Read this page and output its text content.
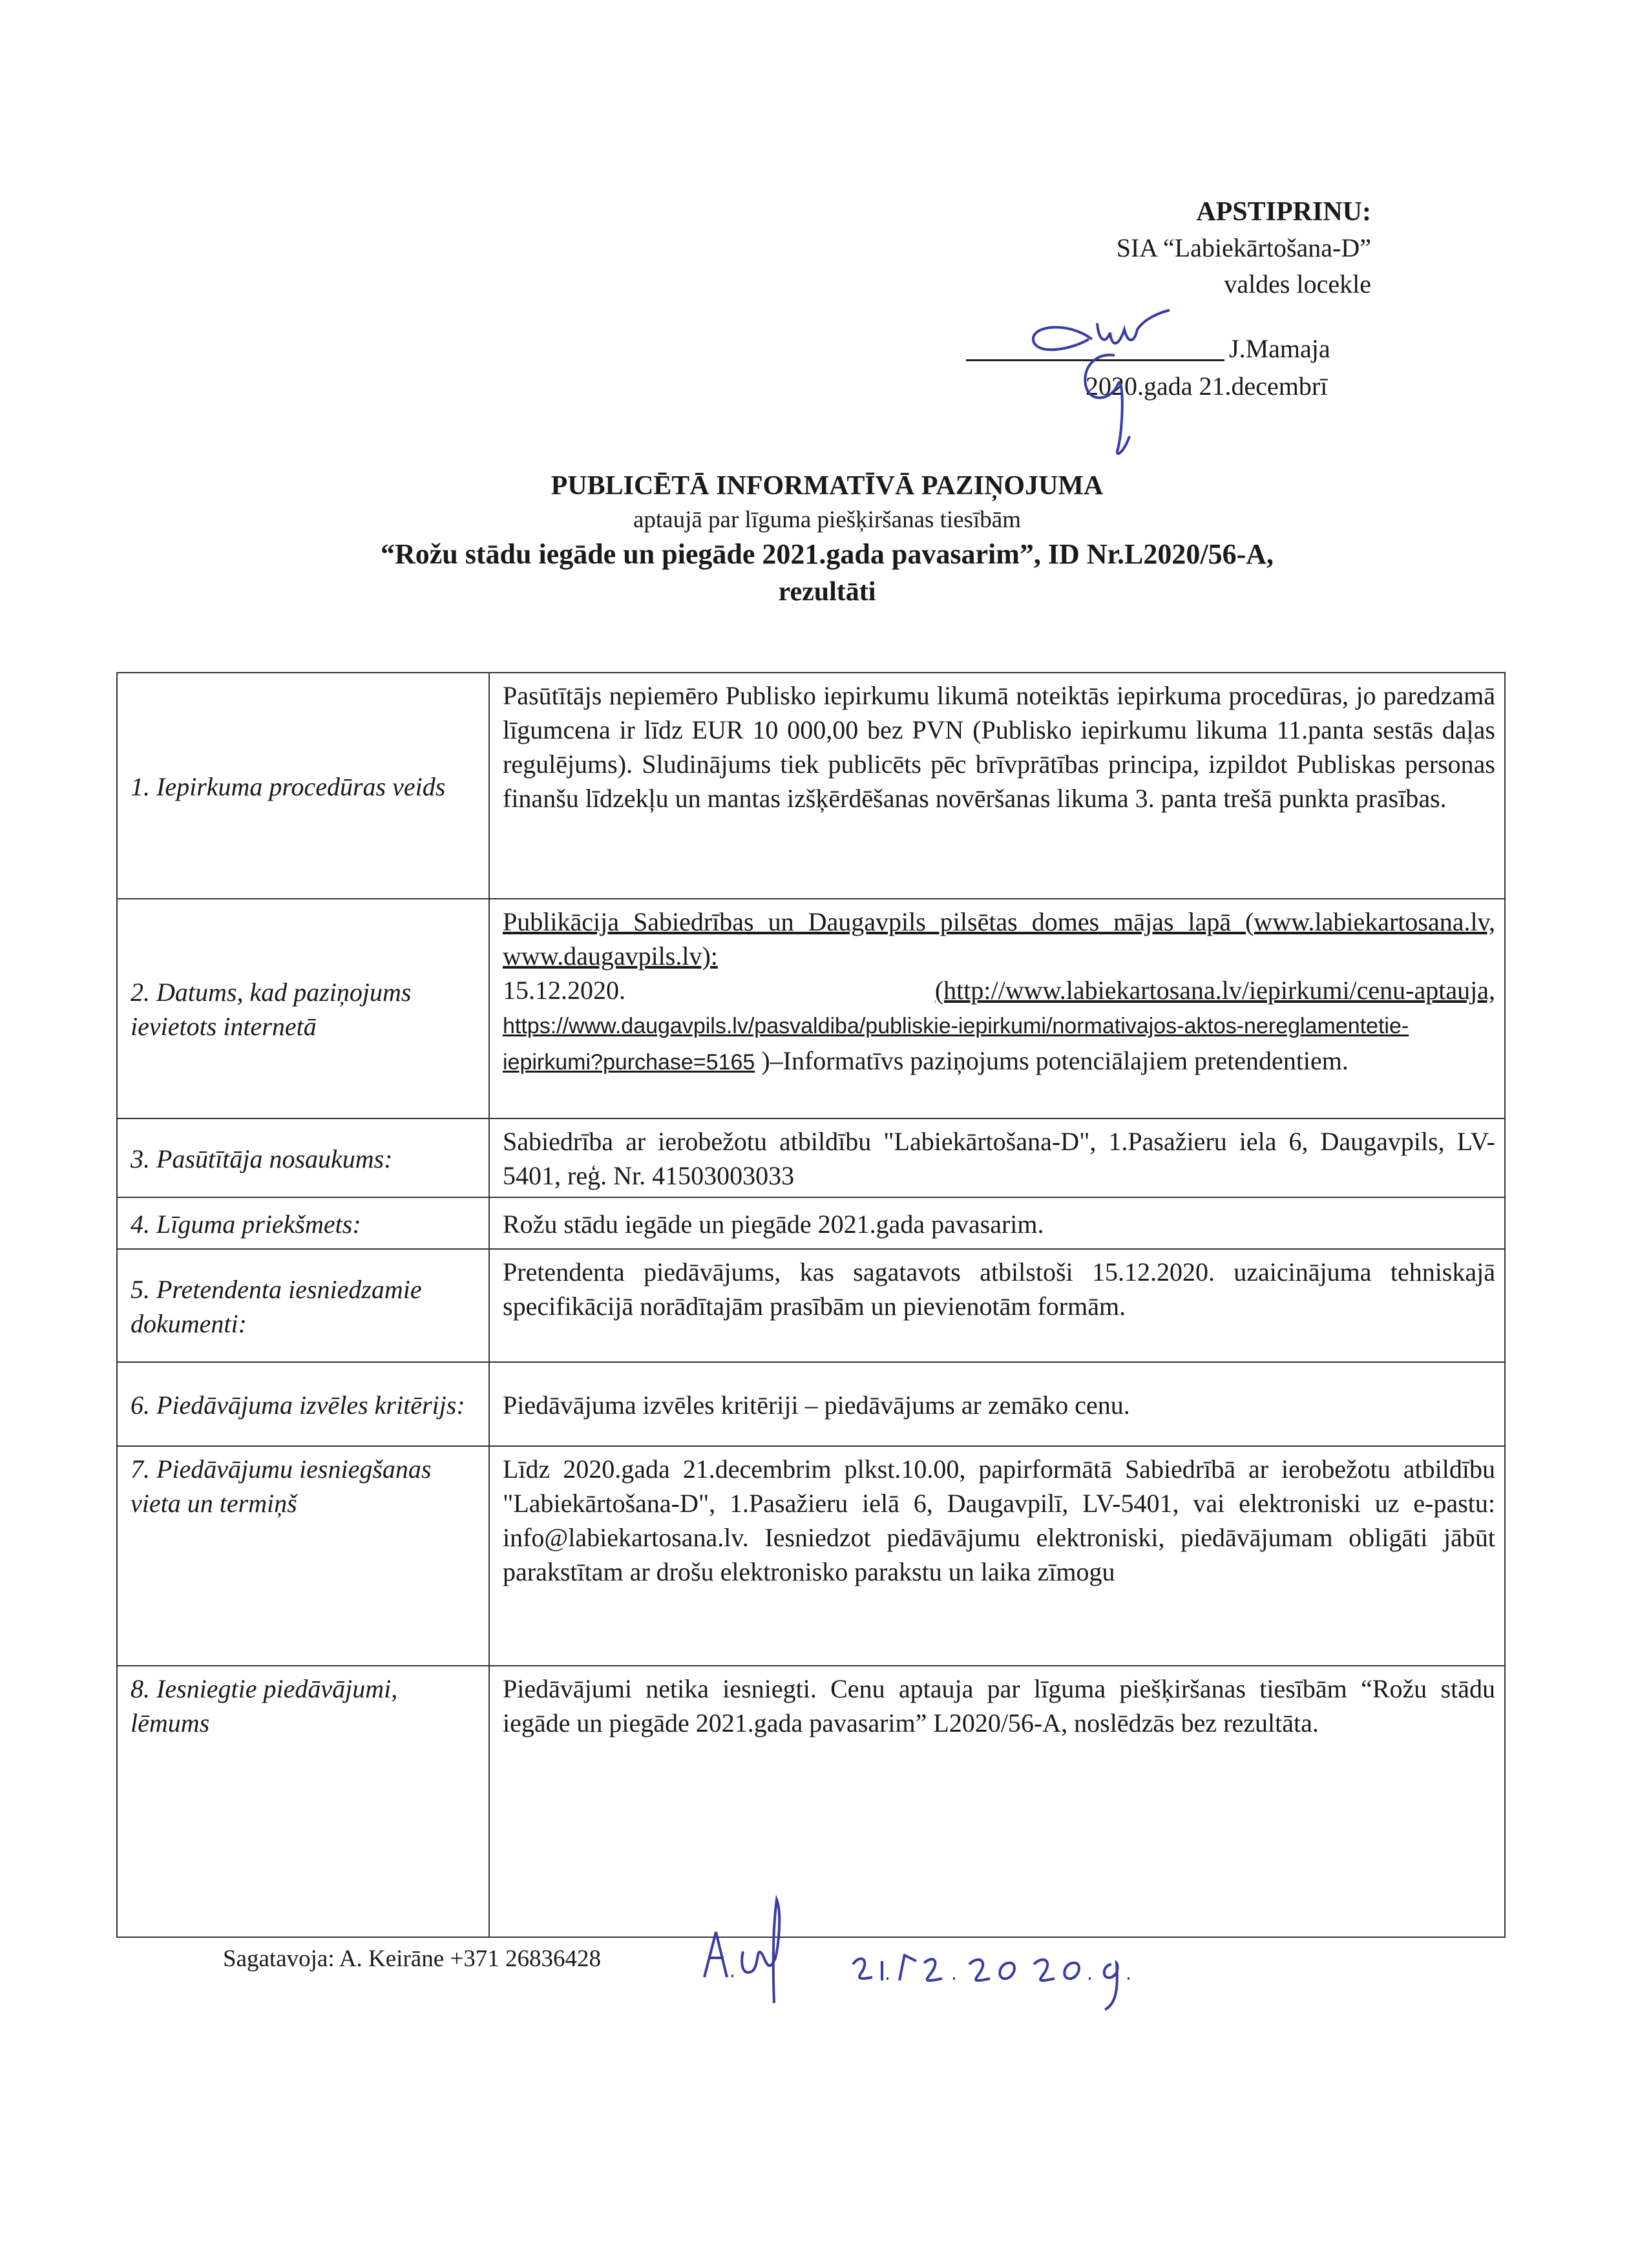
APSTIPRINU:
SIA “Labiekārtošana-D”
valdes locekle
J.Mamaja
2020.gada 21.decembrī
PUBLICĒTĀ INFORMATĪVĀ PAZIŅOJUMA
aptaujā par līguma piešķiršanas tiesībām
“Rožu stādu iegāde un piegāde 2021.gada pavasarim”, ID Nr.L2020/56-A,
rezultāti
1. Iepirkuma procedūras veids	Pasūtītājs nepiemēro Publisko iepirkumu likumā noteiktās iepirkuma procedūras, jo paredzamā līgumcena ir līdz EUR 10 000,00 bez PVN (Publisko iepirkumu likuma 11.panta sestās daļas regulējums). Sludinājums tiek publicēts pēc brīvprātības principa, izpildot Publiskas personas finanšu līdzekļu un mantas izšķērdēšanas novēršanas likuma 3. panta trešā punkta prasības.
2. Datums, kad paziņojums ievietots internetā	Publikācija Sabiedrības un Daugavpils pilsētas domes mājas lapā (www.labiekartosana.lv, www.daugavpils.lv):
15.12.2020. (http://www.labiekartosana.lv/iepirkumi/cenu-aptauja,

https://www.daugavpils.lv/pasvaldiba/publiskie-iepirkumi/normativajos-aktos-nereglamentetie-iepirkumi?purchase=5165 )–Informatīvs paziņojums potenciālajiem pretendentiem.
3. Pasūtītāja nosaukums:	Sabiedrība ar ierobežotu atbildību "Labiekārtošana-D", 1.Pasažieru iela 6, Daugavpils, LV-5401, reģ. Nr. 41503003033
4. Līguma priekšmets:	Rožu stādu iegāde un piegāde 2021.gada pavasarim.
5. Pretendenta iesniedzamie dokumenti:	Pretendenta piedāvājums, kas sagatavots atbilstoši 15.12.2020. uzaicinājuma tehniskajā specifikācijā norādītajām prasībām un pievienotām formām.
6. Piedāvājuma izvēles kritērijs:	Piedāvājuma izvēles kritēriji – piedāvājums ar zemāko cenu.
7. Piedāvājumu iesniegšanas vieta un termiņš	Līdz 2020.gada 21.decembrim plkst.10.00, papirformātā Sabiedrībā ar ierobežotu atbildību "Labiekārtošana-D", 1.Pasažieru ielā 6, Daugavpilī, LV-5401, vai elektroniski uz e-pastu: info@labiekartosana.lv. Iesniedzot piedāvājumu elektroniski, piedāvājumam obligāti jābūt parakstītam ar drošu elektronisko parakstu un laika zīmogu
8. Iesniegtie piedāvājumi, lēmums	Piedāvājumi netika iesniegti. Cenu aptauja par līguma piešķiršanas tiesībām “Rožu stādu iegāde un piegāde 2021.gada pavasarim” L2020/56-A, noslēdzās bez rezultāta.
Sagatavoja: A. Keirāne +371 26836428
